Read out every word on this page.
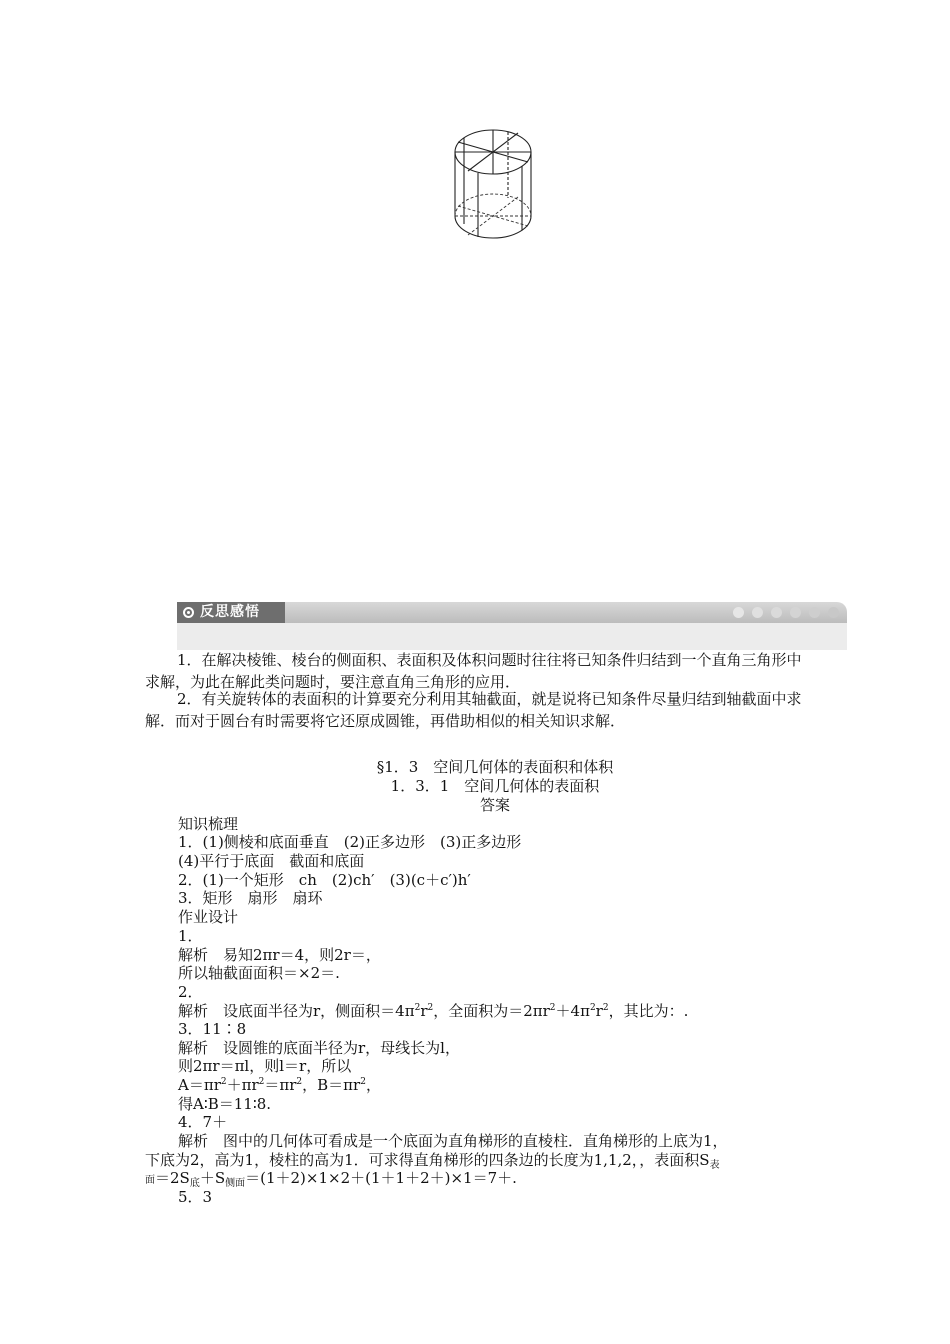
反思感悟

1．在解决棱锥、棱台的侧面积、表面积及体积问题时往往将已知条件归结到一个直角三角形中求解，为此在解此类问题时，要注意直角三角形的应用．

2．有关旋转体的表面积的计算要充分利用其轴截面，就是说将已知条件尽量归结到轴截面中求解．而对于圆台有时需要将它还原成圆锥，再借助相似的相关知识求解．

§1．3　空间几何体的表面积和体积

1．3．1　空间几何体的表面积

答案

知识梳理

1．(1)侧棱和底面垂直　(2)正多边形　(3)正多边形

(4)平行于底面　截面和底面

2．(1)一个矩形　ch　(2)ch′　(3)(c＋c′)h′

3．矩形　扇形　扇环

作业设计

1．

解析　易知2πr＝4，则2r＝，

所以轴截面面积＝×2＝.

2．

解析　设底面半径为r，侧面积$=4\pi^2r^2$，全面积为$=2\pi r^2+4\pi^2r^2$，其比为：.

3．11∶8

解析　设圆锥的底面半径为r，母线长为l，

则2πr＝πl，则l＝r，所以

$A=\pi r^2+\pi r^2=\pi r^2$，$B=\pi r^2$，

得A∶B＝11∶8.

4．7＋

解析　图中的几何体可看成是一个底面为直角梯形的直棱柱．直角梯形的上底为1，

下底为2，高为1，棱柱的高为1．可求得直角梯形的四条边的长度为1,1,2，，表面积$S_表$

面$=2S_底+S_{侧面}=(1+2)\times 1\times 2+(1+1+2+)\times 1=7+$.

5．3
